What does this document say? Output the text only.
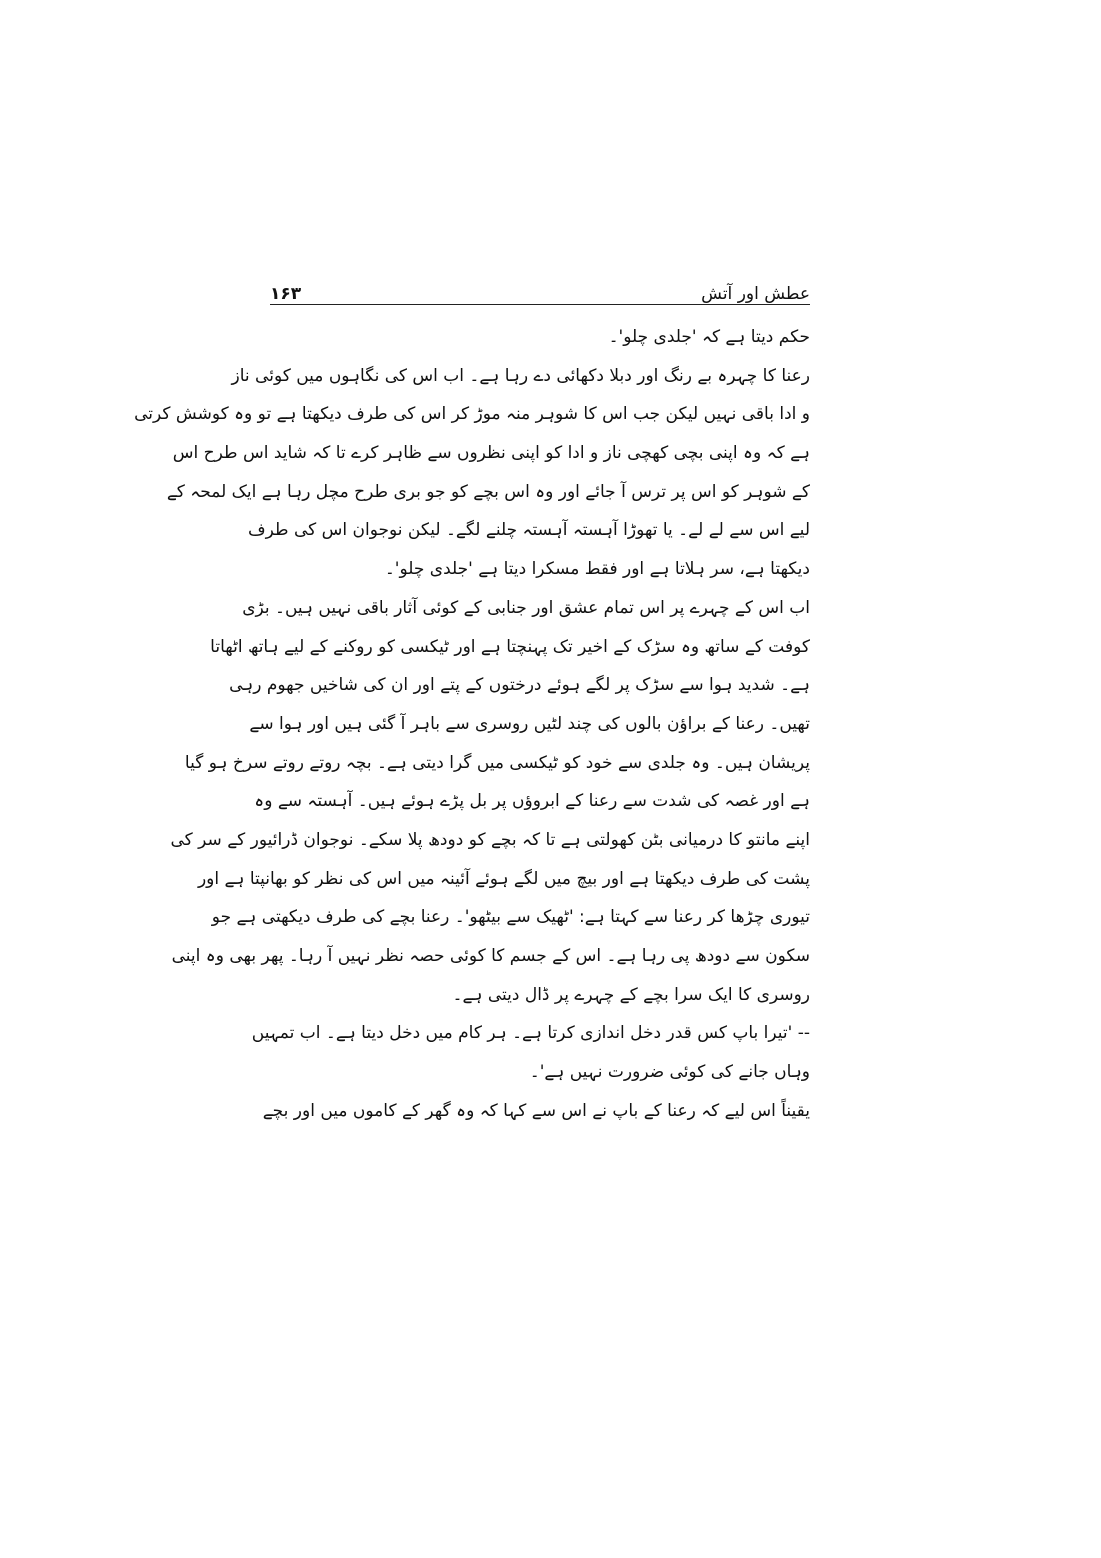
عطش اور آتش
۱۶۳
حکم دیتا ہے کہ 'جلدی چلو'۔
رعنا کا چہرہ بے رنگ اور دبلا دکھائی دے رہا ہے۔ اب اس کی نگاہوں میں کوئی ناز
و ادا باقی نہیں لیکن جب اس کا شوہر منہ موڑ کر اس کی طرف دیکھتا ہے تو وہ کوشش کرتی
ہے کہ وہ اپنی بچی کھچی ناز و ادا کو اپنی نظروں سے ظاہر کرے تا کہ شاید اس طرح اس
کے شوہر کو اس پر ترس آ جائے اور وہ اس بچے کو جو بری طرح مچل رہا ہے ایک لمحہ کے
لیے اس سے لے لے۔ یا تھوڑا آہستہ آہستہ چلنے لگے۔ لیکن نوجوان اس کی طرف
دیکھتا ہے، سر ہلاتا ہے اور فقط مسکرا دیتا ہے 'جلدی چلو'۔
اب اس کے چہرے پر اس تمام عشق اور جنابی کے کوئی آثار باقی نہیں ہیں۔ بڑی
کوفت کے ساتھ وہ سڑک کے اخیر تک پہنچتا ہے اور ٹیکسی کو روکنے کے لیے ہاتھ اٹھاتا
ہے۔ شدید ہوا سے سڑک پر لگے ہوئے درختوں کے پتے اور ان کی شاخیں جھوم رہی
تھیں۔ رعنا کے براؤن بالوں کی چند لٹیں روسری سے باہر آ گئی ہیں اور ہوا سے
پریشان ہیں۔ وہ جلدی سے خود کو ٹیکسی میں گرا دیتی ہے۔ بچہ روتے روتے سرخ ہو گیا
ہے اور غصہ کی شدت سے رعنا کے ابروؤں پر بل پڑے ہوئے ہیں۔ آہستہ سے وہ
اپنے مانتو کا درمیانی بٹن کھولتی ہے تا کہ بچے کو دودھ پلا سکے۔ نوجوان ڈرائیور کے سر کی
پشت کی طرف دیکھتا ہے اور بیچ میں لگے ہوئے آئینہ میں اس کی نظر کو بھانپتا ہے اور
تیوری چڑھا کر رعنا سے کہتا ہے: 'ٹھیک سے بیٹھو'۔ رعنا بچے کی طرف دیکھتی ہے جو
سکون سے دودھ پی رہا ہے۔ اس کے جسم کا کوئی حصہ نظر نہیں آ رہا۔ پھر بھی وہ اپنی
روسری کا ایک سرا بچے کے چہرے پر ڈال دیتی ہے۔
-- 'تیرا باپ کس قدر دخل اندازی کرتا ہے۔ ہر کام میں دخل دیتا ہے۔ اب تمہیں
وہاں جانے کی کوئی ضرورت نہیں ہے'۔
یقیناً اس لیے کہ رعنا کے باپ نے اس سے کہا کہ وہ گھر کے کاموں میں اور بچے
